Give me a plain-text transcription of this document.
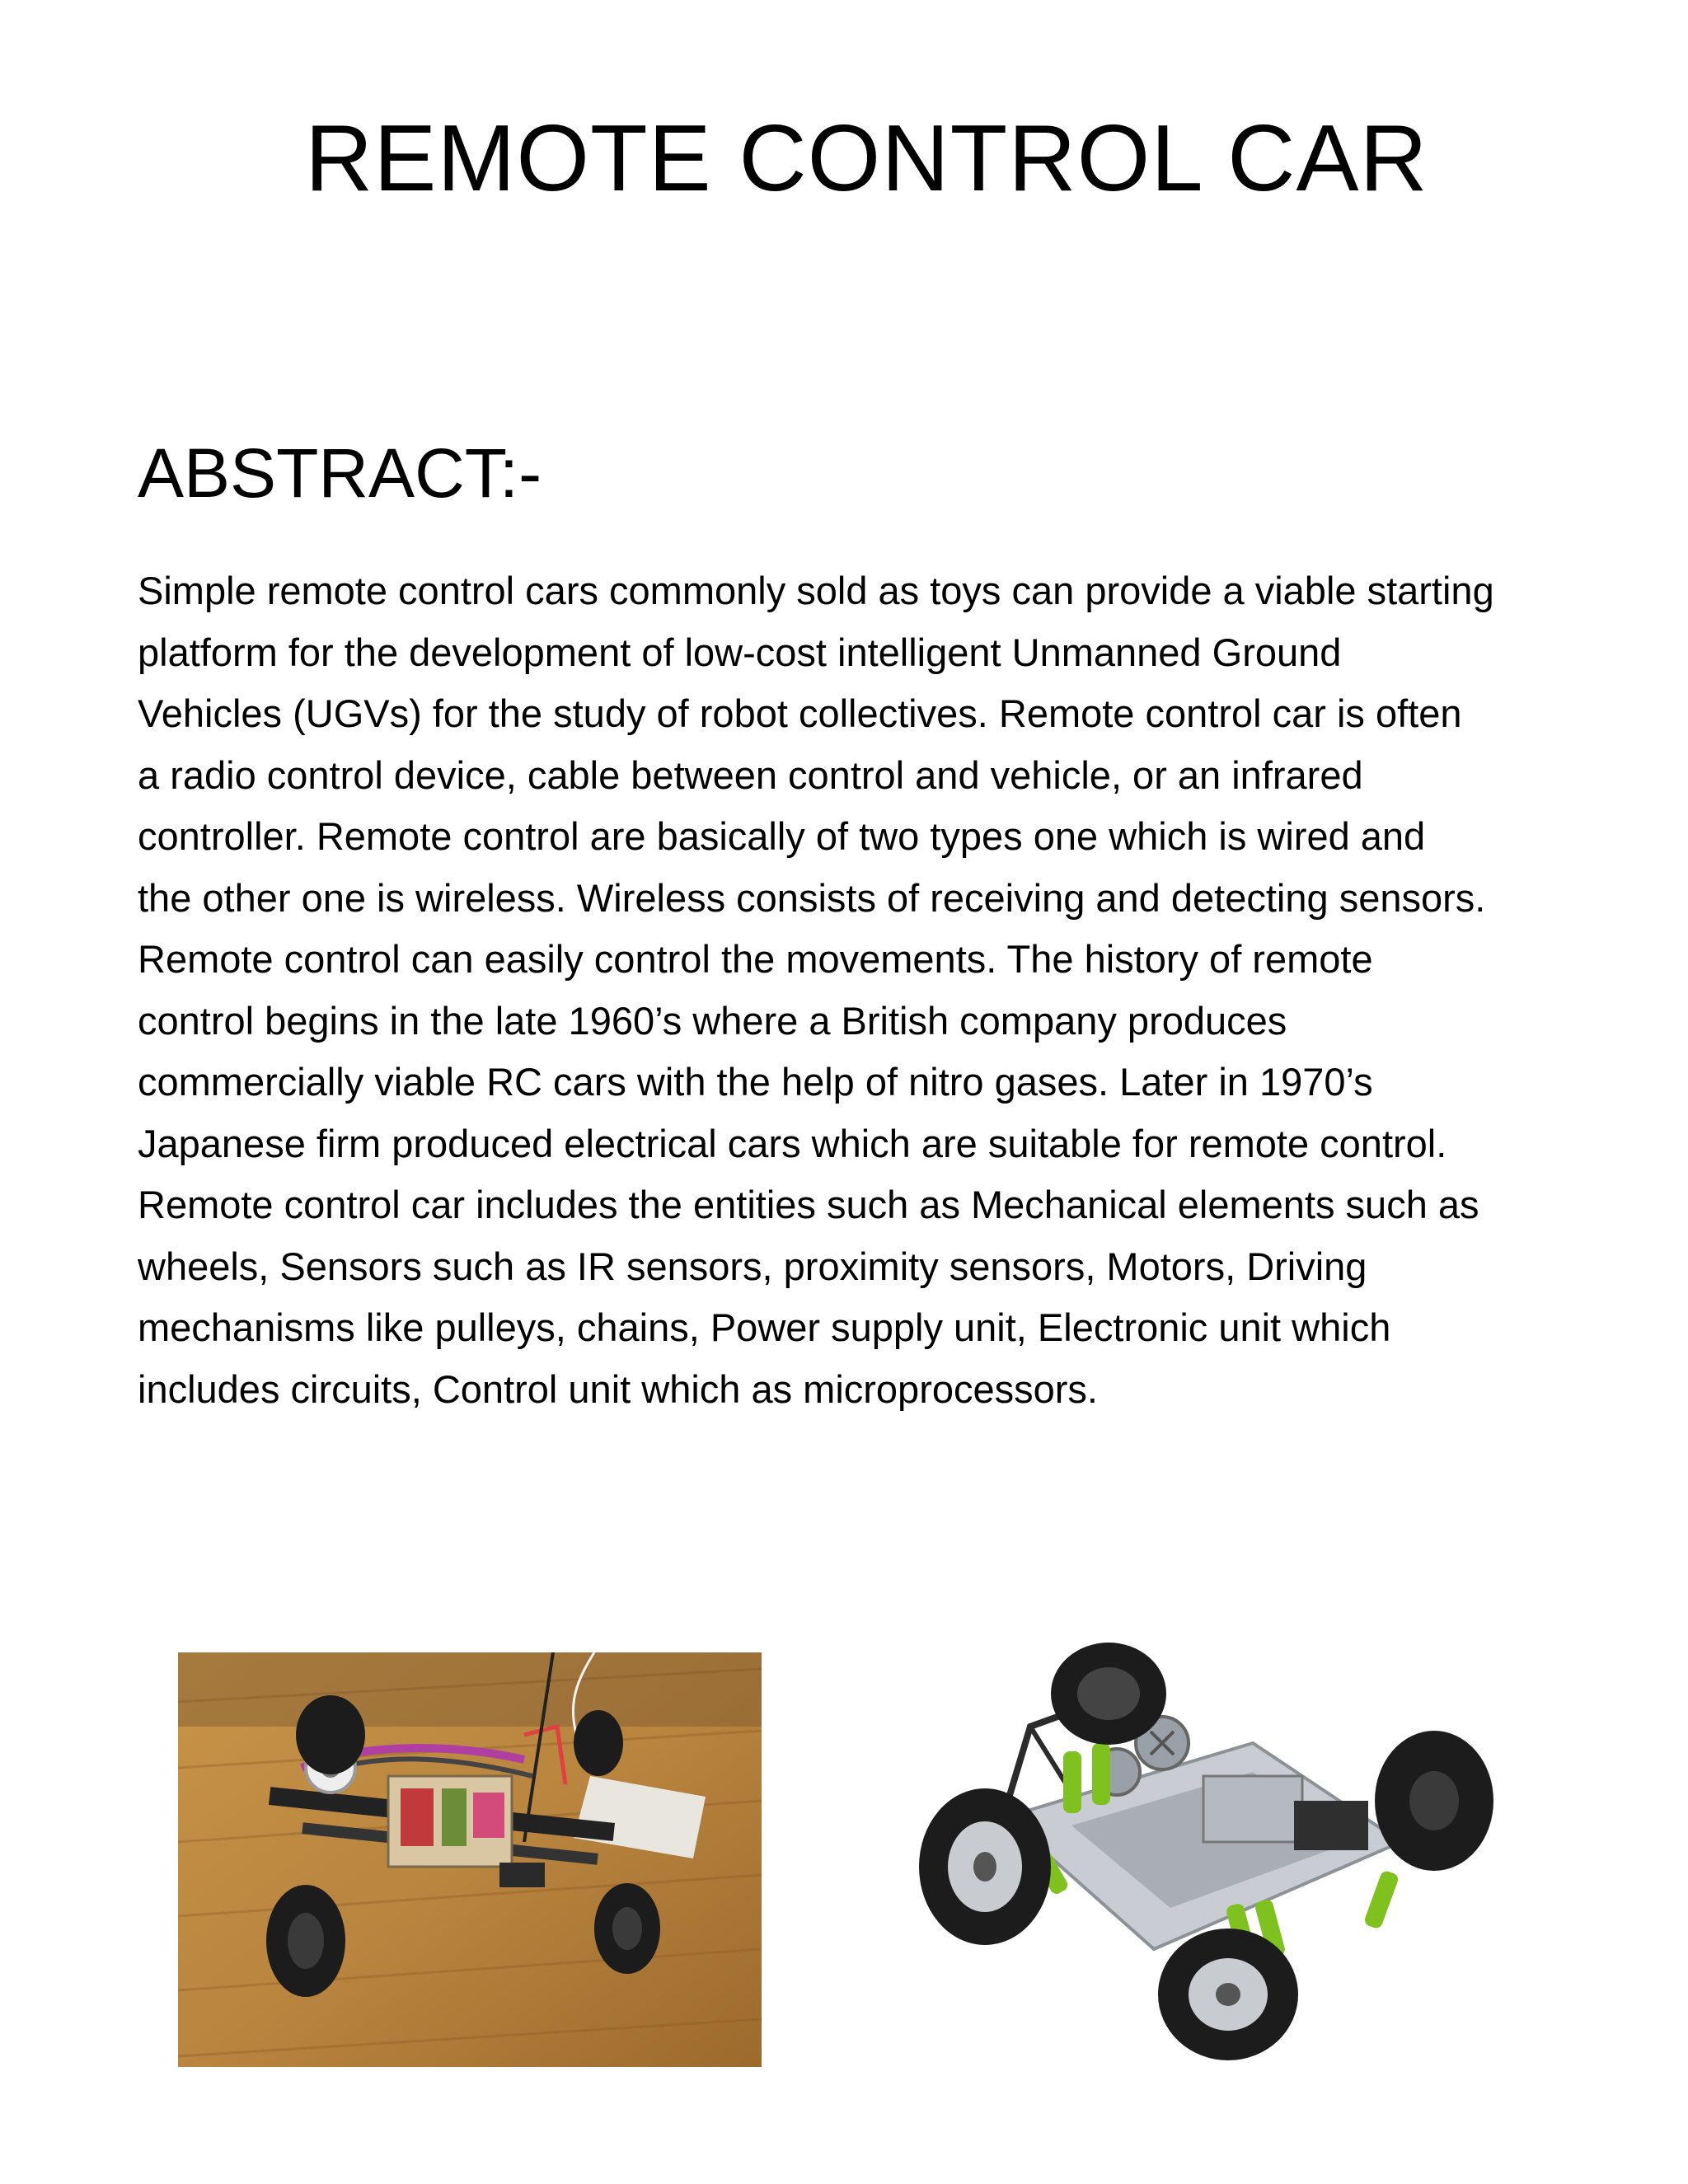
REMOTE CONTROL CAR
ABSTRACT:-
Simple remote control cars commonly sold as toys can provide a viable starting
platform for the development of low-cost intelligent Unmanned Ground
Vehicles (UGVs) for the study of robot collectives. Remote control car is often
a radio control device, cable between control and vehicle, or an infrared
controller. Remote control are basically of two types one which is wired and
the other one is wireless. Wireless consists of receiving and detecting sensors.
Remote control can easily control the movements. The history of remote
control begins in the late 1960’s where a British company produces
commercially viable RC cars with the help of nitro gases. Later in 1970’s
Japanese firm produced electrical cars which are suitable for remote control.
Remote control car includes the entities such as Mechanical elements such as
wheels, Sensors such as IR sensors, proximity sensors, Motors, Driving
mechanisms like pulleys, chains, Power supply unit, Electronic unit which
includes circuits, Control unit which as microprocessors.
